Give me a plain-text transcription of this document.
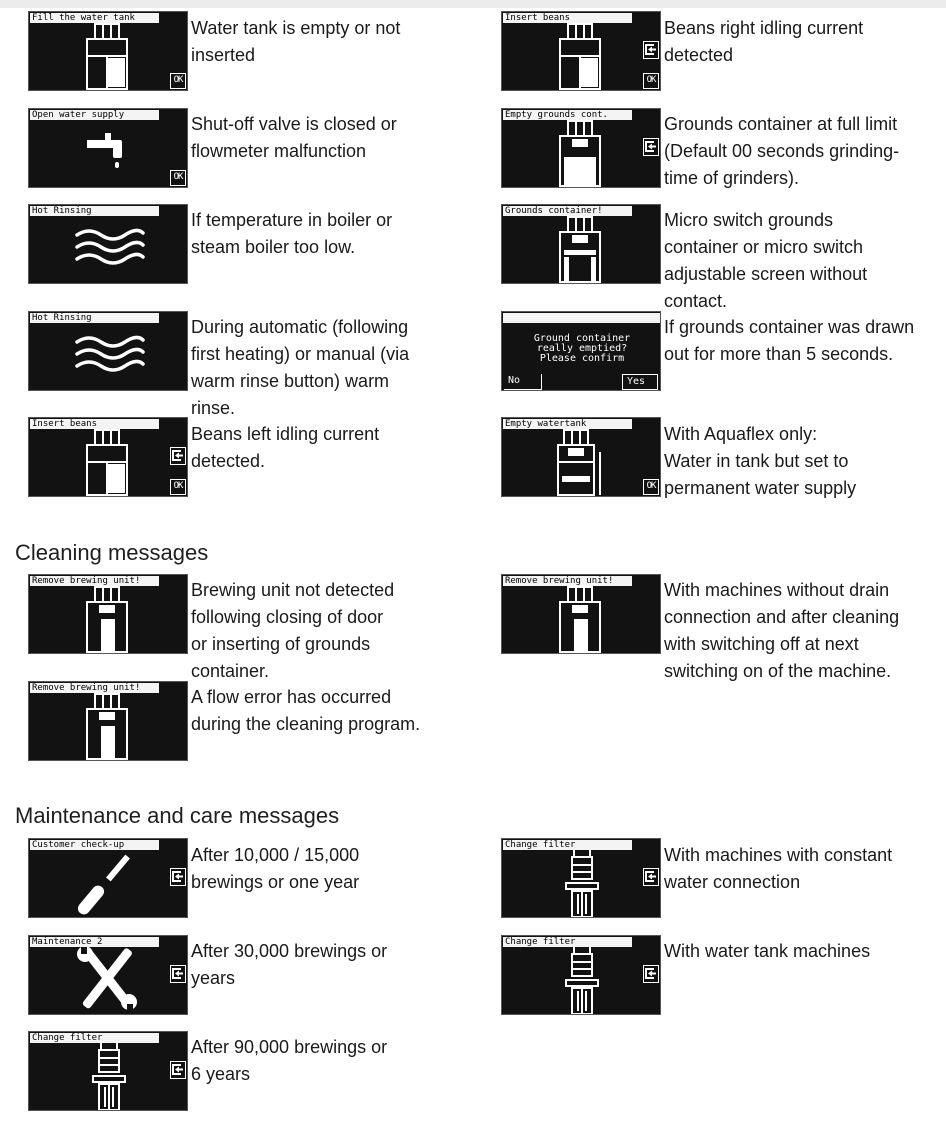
Cleaning messages
Maintenance and care messages
Fill the water tank
OK
Water tank is empty or not
inserted
Insert beans
OK
Beans right idling current
detected
Open water supply
OK
Shut-off valve is closed or
flowmeter malfunction
Empty grounds cont.	Grounds container at full limit
(Default 00 seconds grinding-
time of grinders).
Hot Rinsing	If temperature in boiler or
steam boiler too low.
Grounds container!	Micro switch grounds
container or micro switch
adjustable screen without
contact.
Hot Rinsing	During automatic (following
first heating) or manual (via
warm rinse button) warm
rinse.
Ground container
really emptied?
Please confirm
No	Yes
If grounds container was drawn
out for more than 5 seconds.
Insert beans
OK
Beans left idling current
detected.
Empty watertank
OK
With Aquaflex only:
Water in tank but set to
permanent water supply
Remove brewing unit!	Brewing unit not detected
following closing of door
or inserting of grounds
container.
Remove brewing unit!	With machines without drain
connection and after cleaning
with switching off at next
switching on of the machine.
Remove brewing unit!	A flow error has occurred
during the cleaning program.
Customer check-up	After 10,000 / 15,000
brewings or one year
Change filter	With machines with constant
water connection
Maintenance 2	After 30,000 brewings or
years
Change filter	With water tank machines
Change filter	After 90,000 brewings or
6 years
